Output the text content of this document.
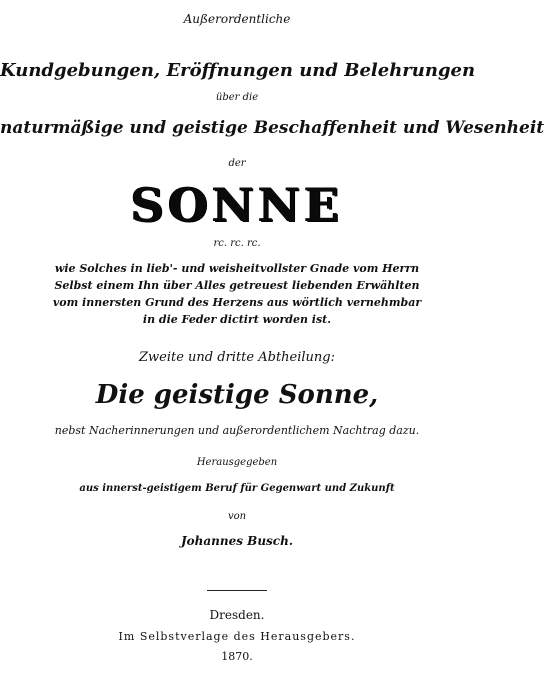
Außerordentliche
Kundgebungen, Eröffnungen und Belehrungen
über die
naturmäßige und geistige Beschaffenheit und Wesenheit
der
SONNE
rc. rc. rc.
wie Solches in lieb'- und weisheitvollster Gnade vom Herrn
Selbst einem Ihn über Alles getreuest liebenden Erwählten
vom innersten Grund des Herzens aus wörtlich vernehmbar
in die Feder dictirt worden ist.
Zweite und dritte Abtheilung:
Die geistige Sonne,
nebst Nacherinnerungen und außerordentlichem Nachtrag dazu.
Herausgegeben
aus innerst-geistigem Beruf für Gegenwart und Zukunft
von
Johannes Busch.
Dresden.
Im Selbstverlage des Herausgebers.
1870.
